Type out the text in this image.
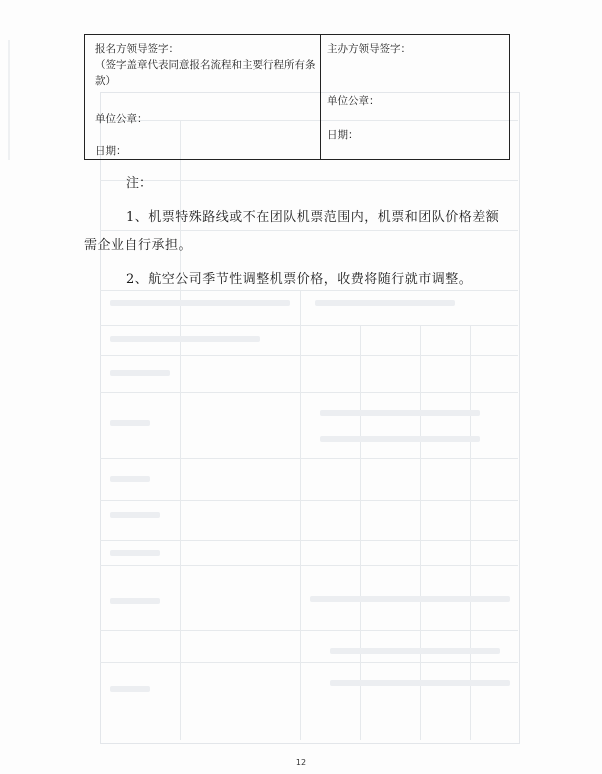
报名方领导签字：
（签字盖章代表同意报名流程和主要行程所有条
款）
单位公章：
日期：
主办方领导签字：
单位公章：
日期：
注：
1、机票特殊路线或不在团队机票范围内，机票和团队价格差额
需企业自行承担。
2、航空公司季节性调整机票价格，收费将随行就市调整。
12
